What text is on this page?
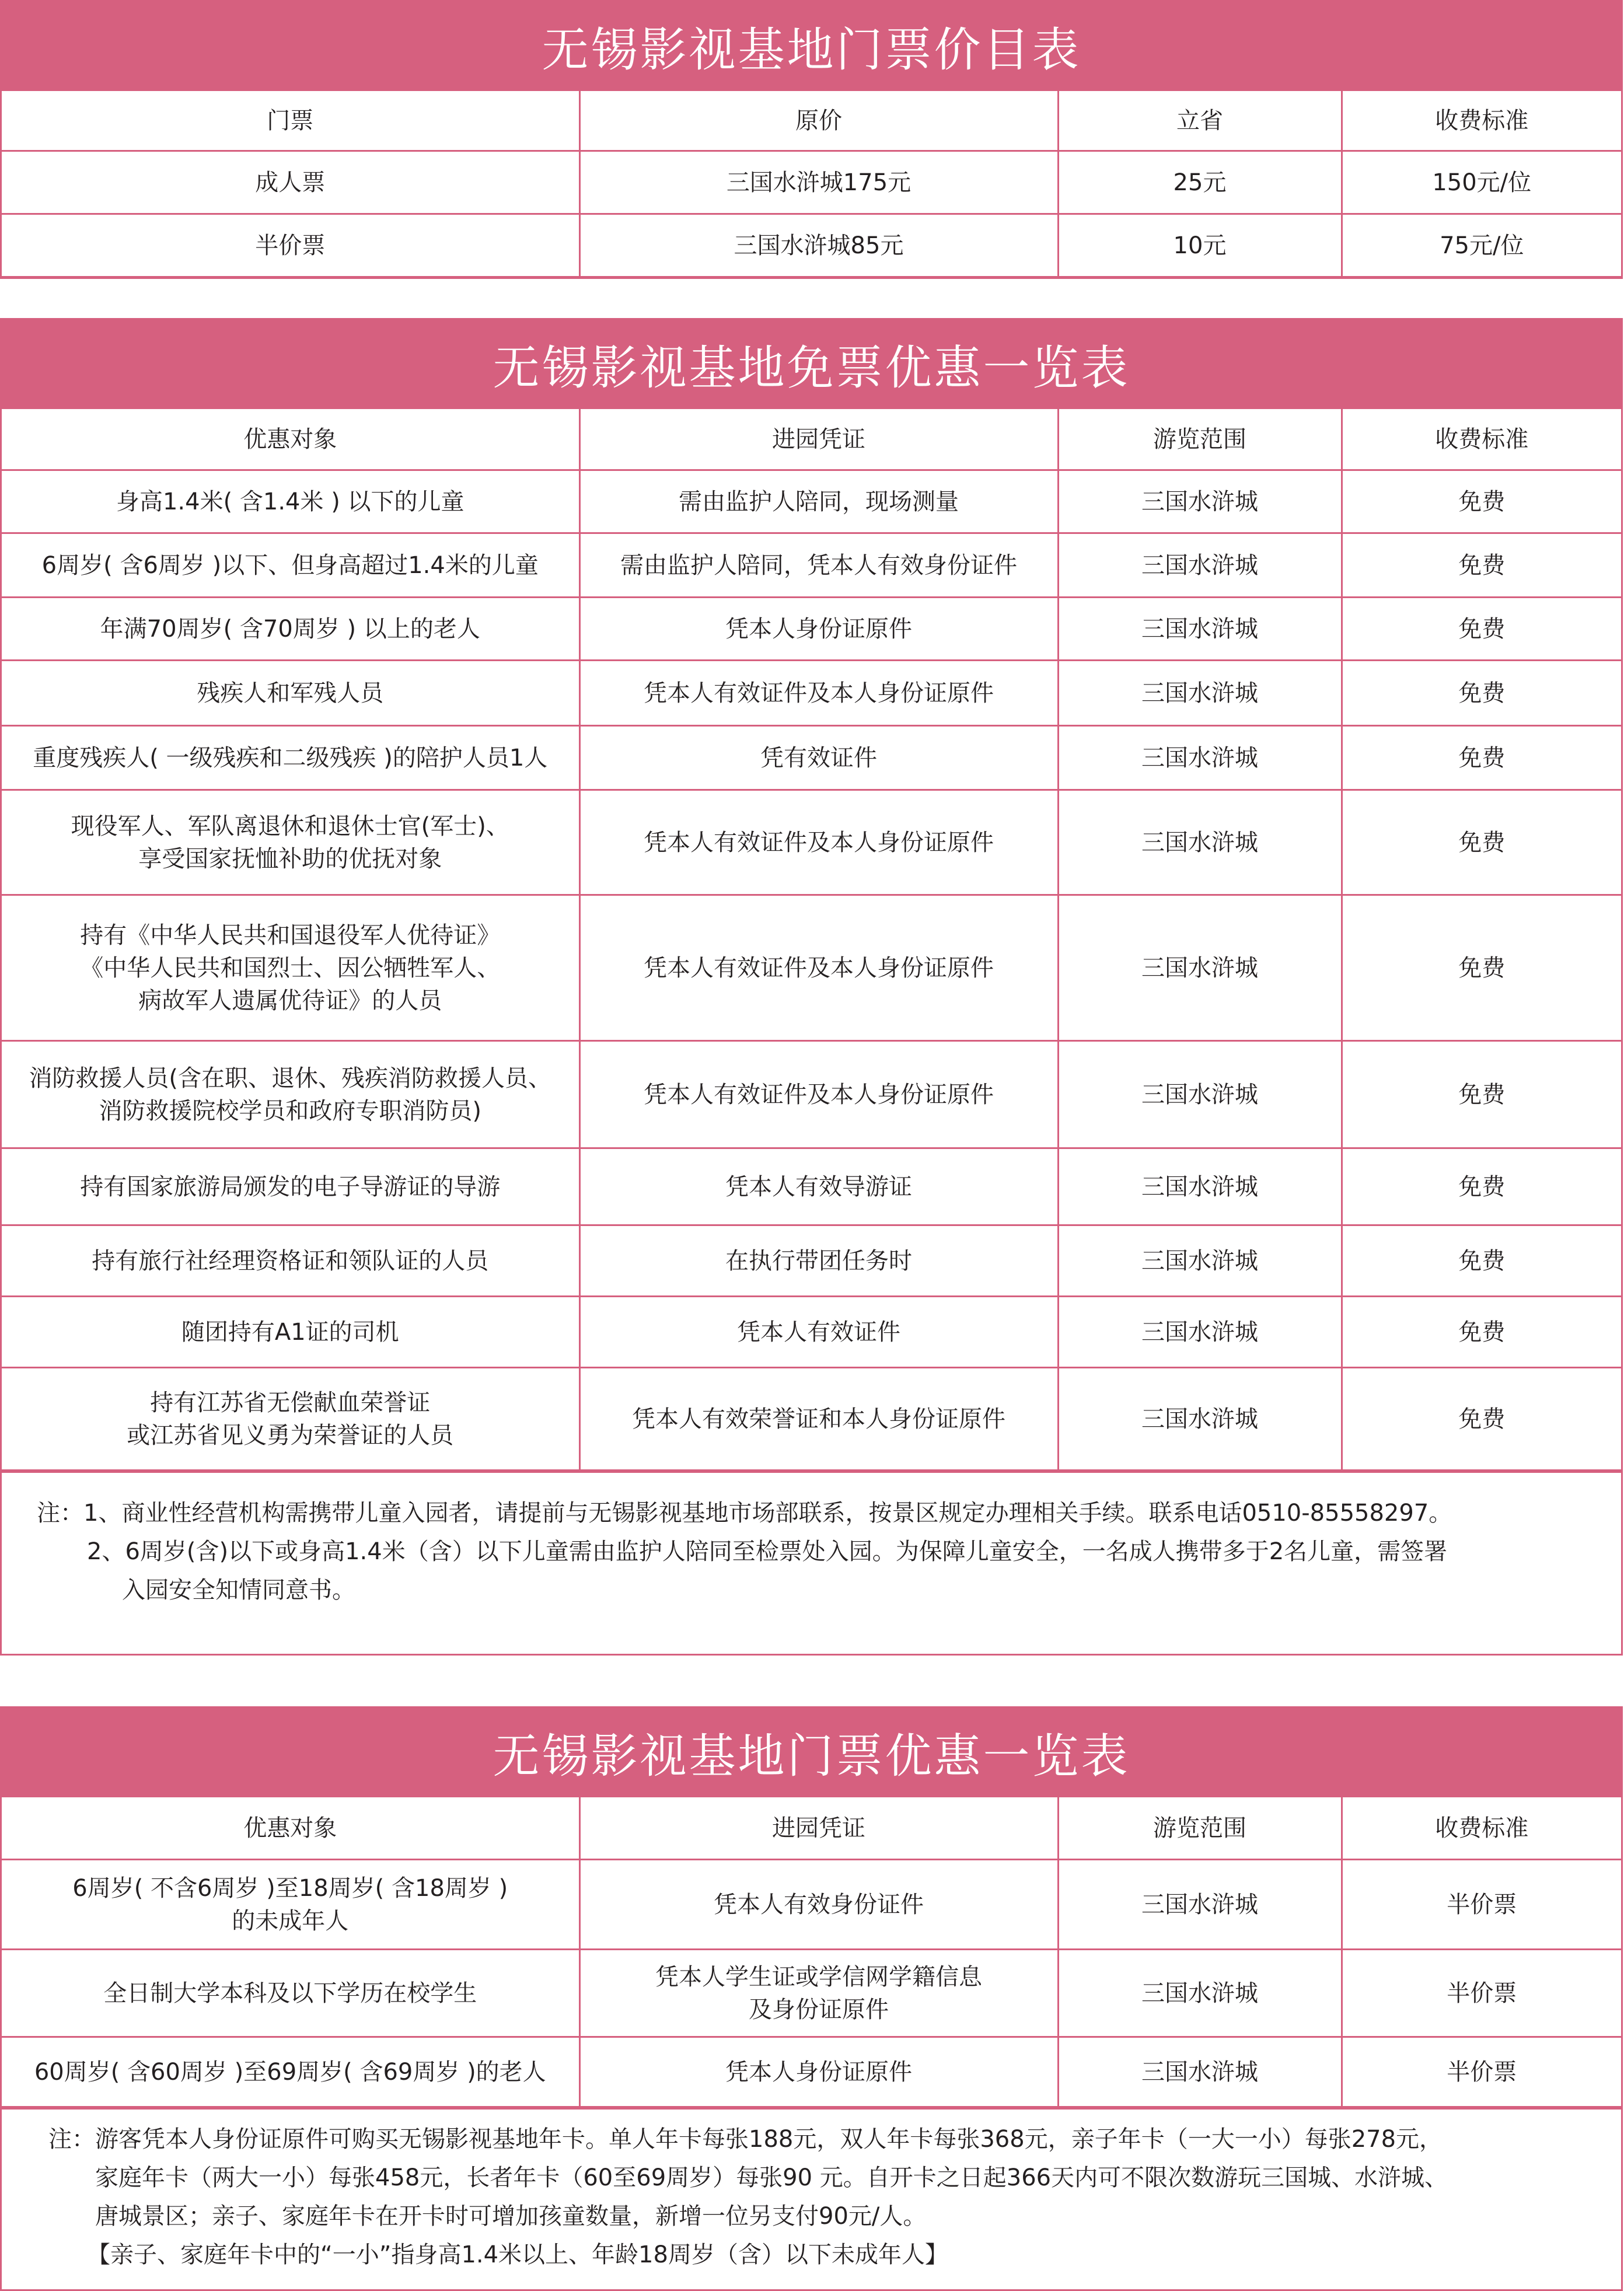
无锡影视基地门票价目表
门票	原价	立省	收费标准
成人票	三国水浒城175元	25元	150元/位
半价票	三国水浒城85元	10元	75元/位
无锡影视基地免票优惠一览表
优惠对象	进园凭证	游览范围	收费标准
身高1.4米( 含1.4米 ) 以下的儿童	需由监护人陪同，现场测量	三国水浒城	免费
6周岁( 含6周岁 )以下、但身高超过1.4米的儿童	需由监护人陪同，凭本人有效身份证件	三国水浒城	免费
年满70周岁( 含70周岁 ) 以上的老人	凭本人身份证原件	三国水浒城	免费
残疾人和军残人员	凭本人有效证件及本人身份证原件	三国水浒城	免费
重度残疾人( 一级残疾和二级残疾 )的陪护人员1人	凭有效证件	三国水浒城	免费
现役军人、军队离退休和退休士官(军士)、
享受国家抚恤补助的优抚对象	凭本人有效证件及本人身份证原件	三国水浒城	免费
持有《中华人民共和国退役军人优待证》
《中华人民共和国烈士、因公牺牲军人、
病故军人遗属优待证》的人员	凭本人有效证件及本人身份证原件	三国水浒城	免费
消防救援人员(含在职、退休、残疾消防救援人员、
消防救援院校学员和政府专职消防员)	凭本人有效证件及本人身份证原件	三国水浒城	免费
持有国家旅游局颁发的电子导游证的导游	凭本人有效导游证	三国水浒城	免费
持有旅行社经理资格证和领队证的人员	在执行带团任务时	三国水浒城	免费
随团持有A1证的司机	凭本人有效证件	三国水浒城	免费
持有江苏省无偿献血荣誉证
或江苏省见义勇为荣誉证的人员	凭本人有效荣誉证和本人身份证原件	三国水浒城	免费

注：1、商业性经营机构需携带儿童入园者，请提前与无锡影视基地市场部联系，按景区规定办理相关手续。联系电话0510-85558297。

2、6周岁(含)以下或身高1.4米（含）以下儿童需由监护人陪同至检票处入园。为保障儿童安全，一名成人携带多于2名儿童，需签署

入园安全知情同意书。

无锡影视基地门票优惠一览表
优惠对象	进园凭证	游览范围	收费标准
6周岁( 不含6周岁 )至18周岁( 含18周岁 )
的未成年人	凭本人有效身份证件	三国水浒城	半价票
全日制大学本科及以下学历在校学生	凭本人学生证或学信网学籍信息
及身份证原件	三国水浒城	半价票
60周岁( 含60周岁 )至69周岁( 含69周岁 )的老人	凭本人身份证原件	三国水浒城	半价票

注：游客凭本人身份证原件可购买无锡影视基地年卡。单人年卡每张188元，双人年卡每张368元，亲子年卡（一大一小）每张278元，

家庭年卡（两大一小）每张458元，长者年卡（60至69周岁）每张90 元。自开卡之日起366天内可不限次数游玩三国城、水浒城、

唐城景区；亲子、家庭年卡在开卡时可增加孩童数量，新增一位另支付90元/人。

【亲子、家庭年卡中的“一小”指身高1.4米以上、年龄18周岁（含）以下未成年人】
